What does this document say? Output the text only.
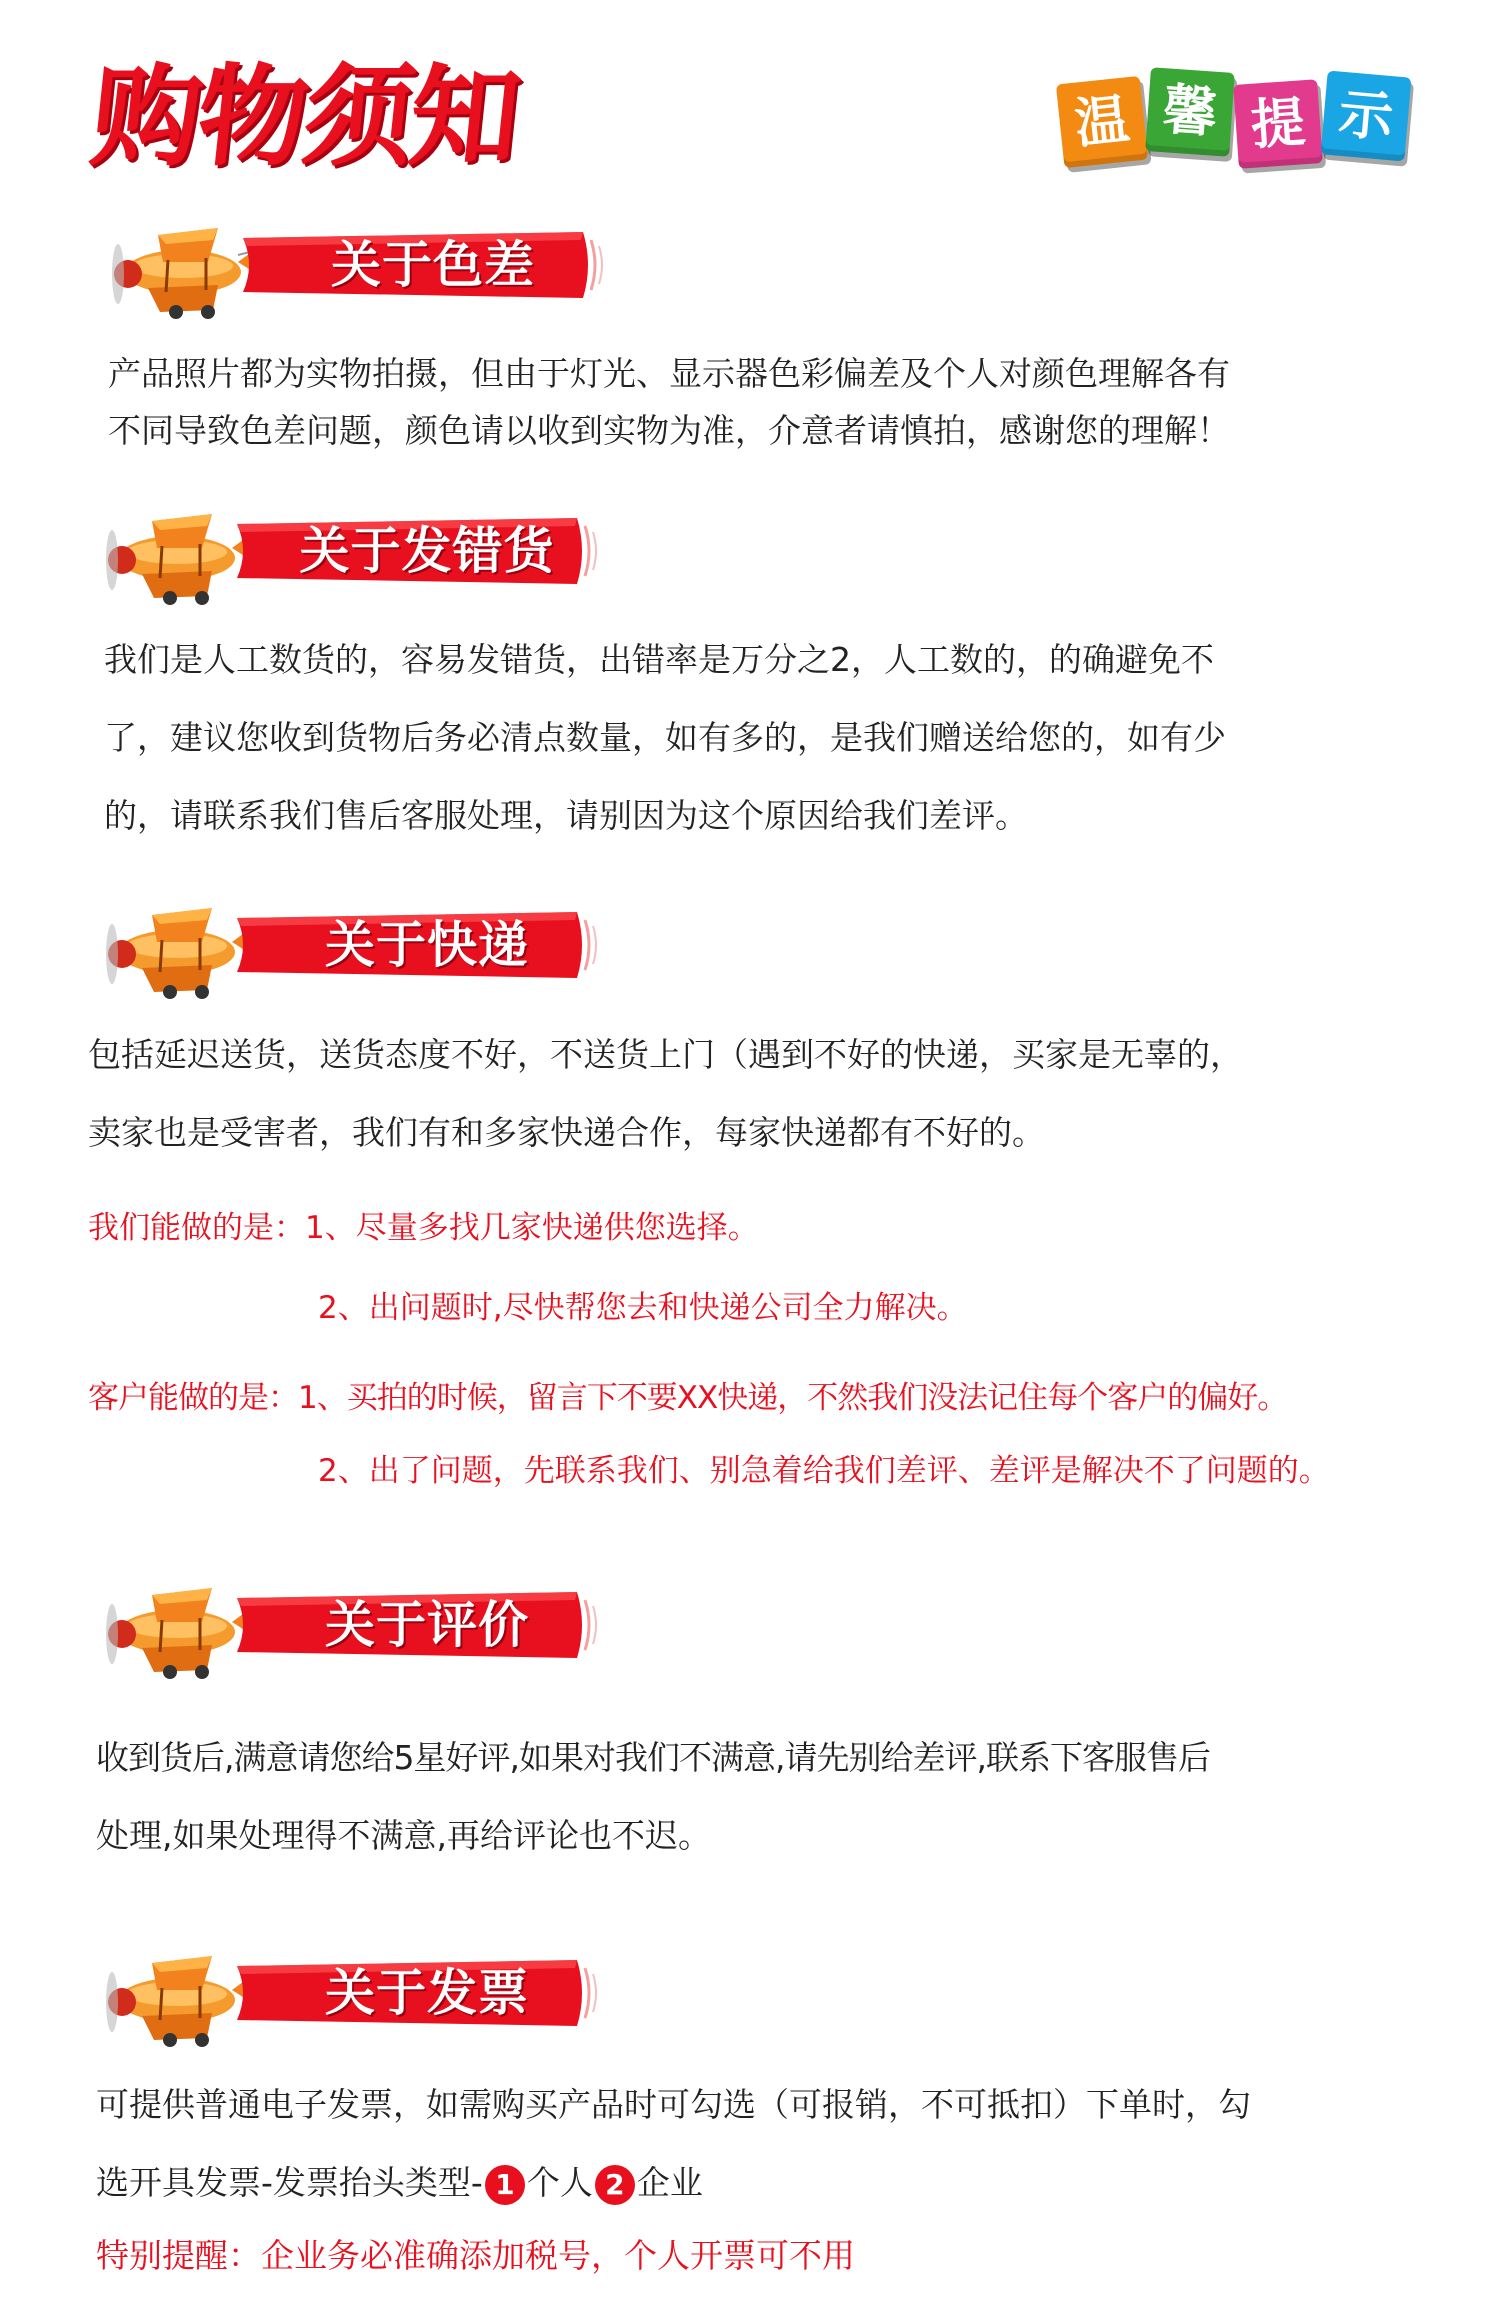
购物须知	温 馨 提 示
关于色差

产品照片都为实物拍摄，但由于灯光、显示器色彩偏差及个人对颜色理解各有

不同导致色差问题，颜色请以收到实物为准，介意者请慎拍，感谢您的理解！

关于发错货

我们是人工数货的，容易发错货，出错率是万分之2，人工数的，的确避免不

了，建议您收到货物后务必清点数量，如有多的，是我们赠送给您的，如有少

的，请联系我们售后客服处理，请别因为这个原因给我们差评。

关于快递

包括延迟送货，送货态度不好，不送货上门（遇到不好的快递，买家是无辜的，

卖家也是受害者，我们有和多家快递合作，每家快递都有不好的。

我们能做的是：1、尽量多找几家快递供您选择。

2、出问题时,尽快帮您去和快递公司全力解决。

客户能做的是：1、买拍的时候，留言下不要XX快递，不然我们没法记住每个客户的偏好。

2、出了问题，先联系我们、别急着给我们差评、差评是解决不了问题的。

关于评价

收到货后,满意请您给5星好评,如果对我们不满意,请先别给差评,联系下客服售后

处理,如果处理得不满意,再给评论也不迟。

关于发票

可提供普通电子发票，如需购买产品时可勾选（可报销，不可抵扣）下单时，勾

选开具发票-发票抬头类型- 1 个人 2 企业

特别提醒：企业务必准确添加税号，个人开票可不用
